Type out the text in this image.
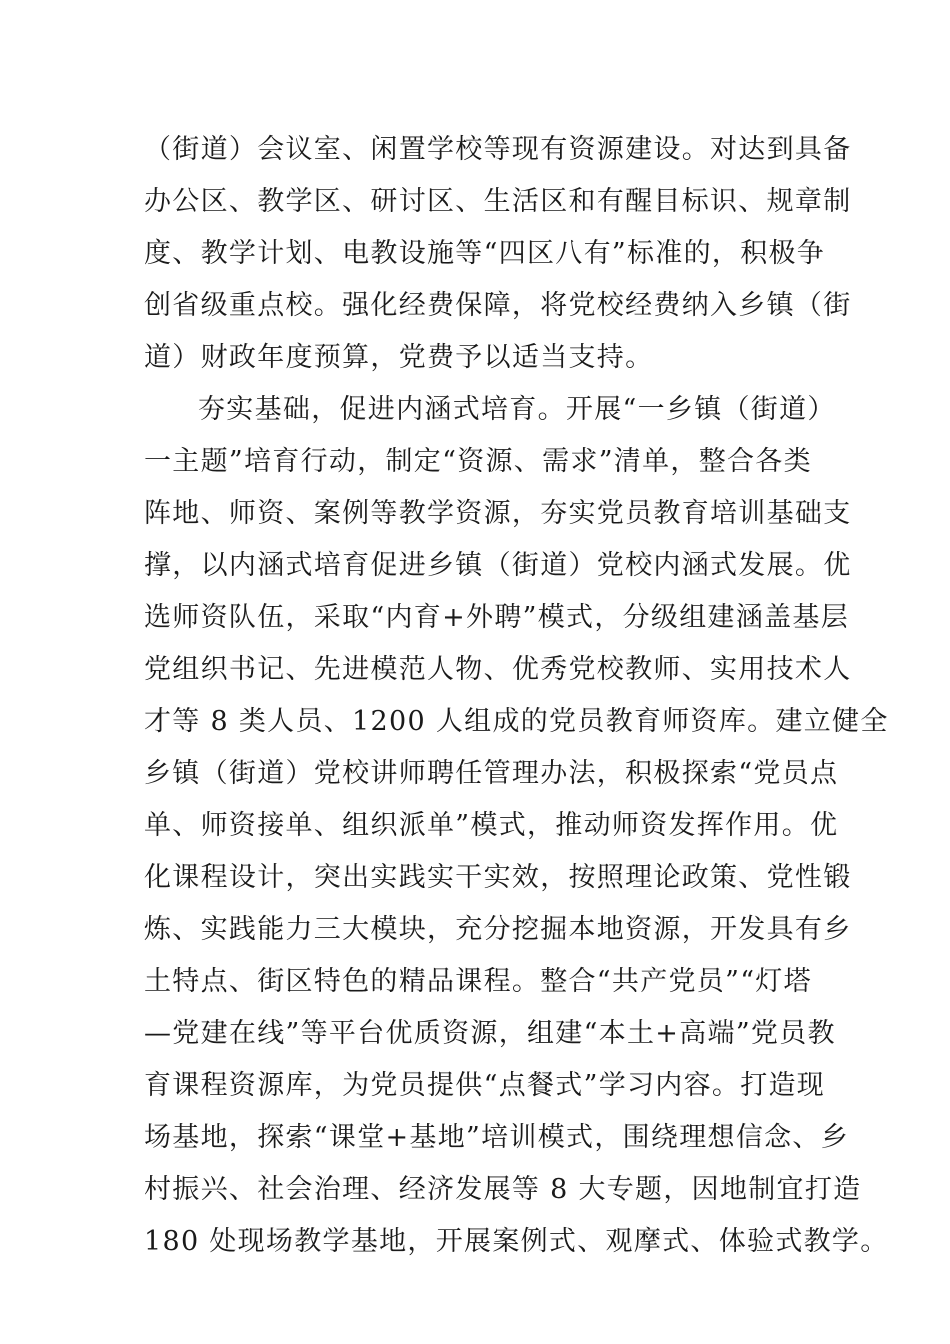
（街道）会议室、闲置学校等现有资源建设。对达到具备
办公区、教学区、研讨区、生活区和有醒目标识、规章制
度、教学计划、电教设施等“四区八有”标准的，积极争
创省级重点校。强化经费保障，将党校经费纳入乡镇（街
道）财政年度预算，党费予以适当支持。
夯实基础，促进内涵式培育。开展“一乡镇（街道）
一主题”培育行动，制定“资源、需求”清单，整合各类
阵地、师资、案例等教学资源，夯实党员教育培训基础支
撑，以内涵式培育促进乡镇（街道）党校内涵式发展。优
选师资队伍，采取“内育+外聘”模式，分级组建涵盖基层
党组织书记、先进模范人物、优秀党校教师、实用技术人
才等 8 类人员、1200 人组成的党员教育师资库。建立健全
乡镇（街道）党校讲师聘任管理办法，积极探索“党员点
单、师资接单、组织派单”模式，推动师资发挥作用。优
化课程设计，突出实践实干实效，按照理论政策、党性锻
炼、实践能力三大模块，充分挖掘本地资源，开发具有乡
土特点、街区特色的精品课程。整合“共产党员”“灯塔
—党建在线”等平台优质资源，组建“本土+高端”党员教
育课程资源库，为党员提供“点餐式”学习内容。打造现
场基地，探索“课堂+基地”培训模式，围绕理想信念、乡
村振兴、社会治理、经济发展等 8 大专题，因地制宜打造
180 处现场教学基地，开展案例式、观摩式、体验式教学。
